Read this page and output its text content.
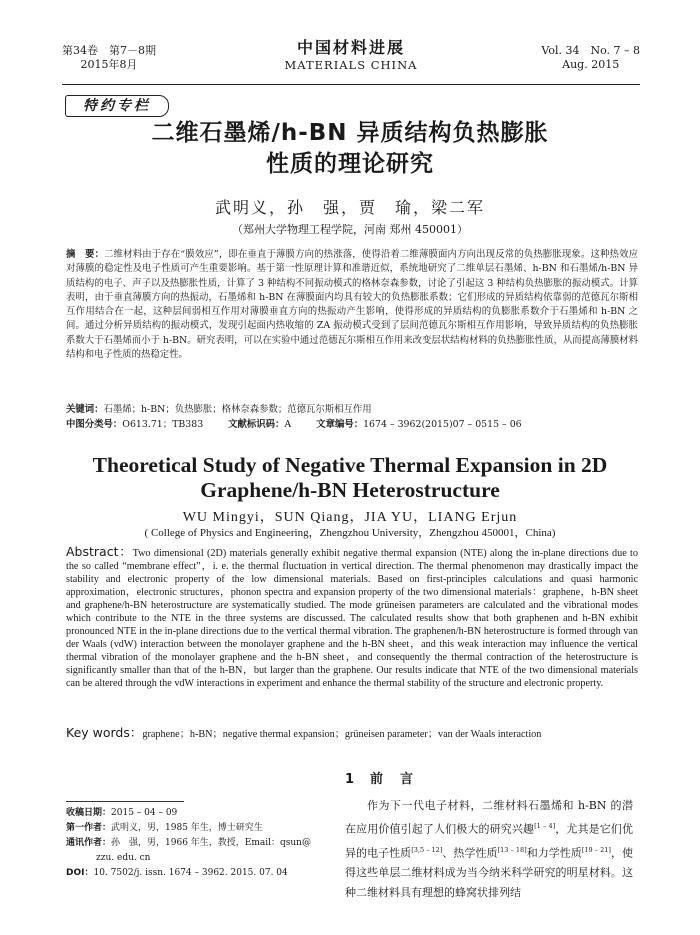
第34卷　第7－8期
2015年8月
中国材料进展
MATERIALS CHINA
Vol. 34　No. 7 – 8
Aug. 2015
特约专栏
二维石墨烯/h-BN 异质结构负热膨胀
性质的理论研究
武明义，孙　强，贾　瑜，梁二军
（郑州大学物理工程学院，河南 郑州 450001）
摘　要：二维材料由于存在“膜效应”，即在垂直于薄膜方向的热涨落，使得沿着二维薄膜面内方向出现反常的负热膨胀现象。这种热效应对薄膜的稳定性及电子性质可产生重要影响。基于第一性原理计算和准谐近似，系统地研究了二维单层石墨烯、h-BN 和石墨烯/h-BN 异质结构的电子、声子以及热膨胀性质，计算了 3 种结构不同振动模式的格林奈森参数，讨论了引起这 3 种结构负热膨胀的振动模式。计算表明，由于垂直薄膜方向的热振动，石墨烯和 h-BN 在薄膜面内均具有较大的负热膨胀系数；它们形成的异质结构依靠弱的范德瓦尔斯相互作用结合在一起，这种层间弱相互作用对薄膜垂直方向的热振动产生影响，使得形成的异质结构的负膨胀系数介于石墨烯和 h-BN 之间。通过分析异质结构的振动模式，发现引起面内热收缩的 ZA 振动模式受到了层间范德瓦尔斯相互作用影响，导致异质结构的负热膨胀系数大于石墨烯而小于 h-BN。研究表明，可以在实验中通过范德瓦尔斯相互作用来改变层状结构材料的负热膨胀性质，从而提高薄膜材料结构和电子性质的热稳定性。
关键词：石墨烯；h-BN；负热膨胀；格林奈森参数；范德瓦尔斯相互作用
中图分类号：O613.71；TB383	文献标识码：A	文章编号：1674 – 3962(2015)07 – 0515 – 06
Theoretical Study of Negative Thermal Expansion in 2D
Graphene/h-BN Heterostructure
WU Mingyi，SUN Qiang，JIA YU，LIANG Erjun
( College of Physics and Engineering，Zhengzhou University，Zhengzhou 450001，China)
Abstract：Two dimensional (2D) materials generally exhibit negative thermal expansion (NTE) along the in-plane directions due to the so called “membrane effect”，i. e. the thermal fluctuation in vertical direction. The thermal phenomenon may drastically impact the stability and electronic property of the low dimensional materials. Based on first-principles calculations and quasi harmonic approximation，electronic structures，phonon spectra and expansion property of the two dimensional materials：graphene，h-BN sheet and graphene/h-BN heterostructure are systematically studied. The mode grüneisen parameters are calculated and the vibrational modes which contribute to the NTE in the three systems are discussed. The calculated results show that both graphenen and h-BN exhibit pronounced NTE in the in-plane directions due to the vertical thermal vibration. The graphenen/h-BN heterostructure is formed through van der Waals (vdW) interaction between the monolayer graphene and the h-BN sheet，and this weak interaction may influence the vertical thermal vibration of the monolayer graphene and the h-BN sheet，and consequently the thermal contraction of the heterostructure is significantly smaller than that of the h-BN，but larger than the graphene. Our results indicate that NTE of the two dimensional materials can be altered through the vdW interactions in experiment and enhance the thermal stability of the structure and electronic property.
Key words：graphene；h-BN；negative thermal expansion；grüneisen parameter；van der Waals interaction
收稿日期：2015 – 04 – 09
第一作者：武明义，男，1985 年生，博士研究生
通讯作者：孙　强，男，1966 年生，教授，Email：qsun@
zzu. edu. cn
DOI：10. 7502/j. issn. 1674 – 3962. 2015. 07. 04
1 前　言
作为下一代电子材料，二维材料石墨烯和 h-BN 的潜在应用价值引起了人们极大的研究兴趣[1 – 4]，尤其是它们优异的电子性质[3,5 – 12]、热学性质[13 – 18]和力学性质[19 – 21]，使得这些单层二维材料成为当今纳米科学研究的明星材料。这种二维材料具有理想的蜂窝状排列结
